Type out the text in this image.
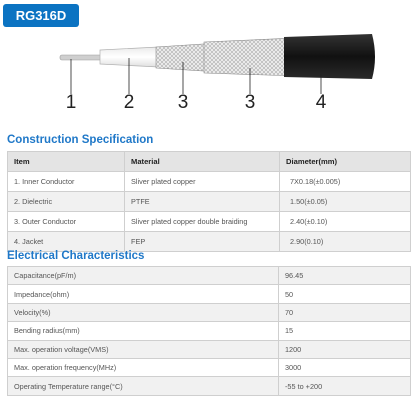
RG316D
1 2 3	3	4
Construction Specification
Item	Material	Diameter(mm)
1. Inner Conductor	Sliver plated copper	7X0.18(±0.005)
2. Dielectric	PTFE	1.50(±0.05)
3. Outer Conductor	Sliver plated copper double braiding	2.40(±0.10)
4. Jacket	FEP	2.90(0.10)
Electrical Characteristics
Capacitance(pF/m)	96.45
Impedance(ohm)	50
Velocity(%)	70
Bending radius(mm)	15
Max. operation voltage(VMS)	1200
Max. operation frequency(MHz)	3000
Operating Temperature range(°C)	-55 to +200
